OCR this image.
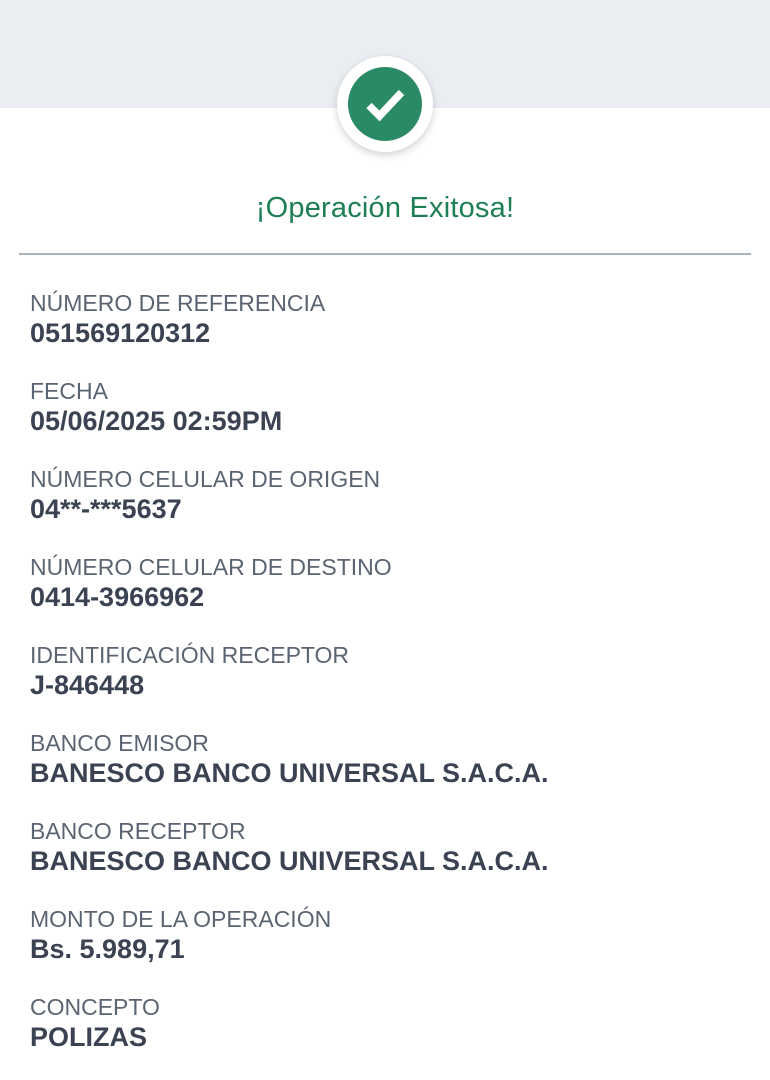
¡Operación Exitosa!
NÚMERO DE REFERENCIA
051569120312
FECHA
05/06/2025 02:59PM
NÚMERO CELULAR DE ORIGEN
04**-***5637
NÚMERO CELULAR DE DESTINO
0414-3966962
IDENTIFICACIÓN RECEPTOR
J-846448
BANCO EMISOR
BANESCO BANCO UNIVERSAL S.A.C.A.
BANCO RECEPTOR
BANESCO BANCO UNIVERSAL S.A.C.A.
MONTO DE LA OPERACIÓN
Bs. 5.989,71
CONCEPTO
POLIZAS
